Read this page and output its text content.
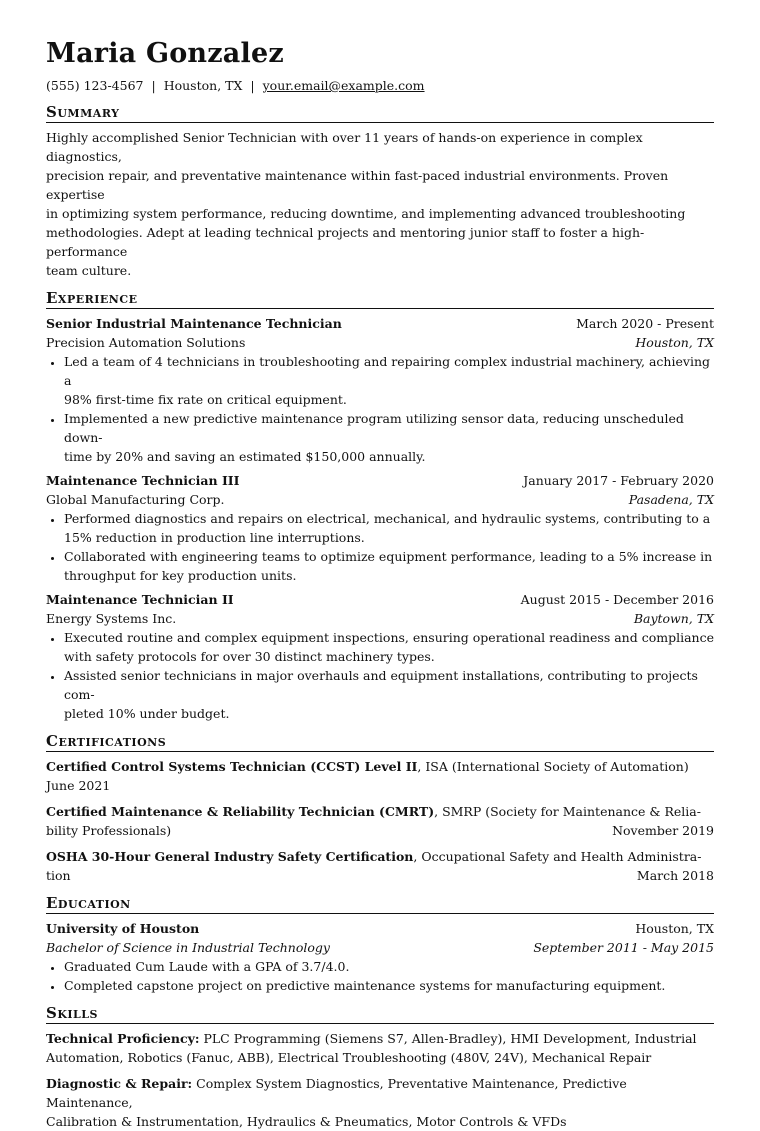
Maria Gonzalez
(555) 123-4567 | Houston, TX | your.email@example.com
Summary

Highly accomplished Senior Technician with over 11 years of hands-on experience in complex diagnostics,
precision repair, and preventative maintenance within fast-paced industrial environments. Proven expertise
in optimizing system performance, reducing downtime, and implementing advanced troubleshooting
methodologies. Adept at leading technical projects and mentoring junior staff to foster a high-performance
team culture.

Experience
Senior Industrial Maintenance Technician	March 2020 - Present
Precision Automation Solutions	Houston, TX
• Led a team of 4 technicians in troubleshooting and repairing complex industrial machinery, achieving a
98% first-time fix rate on critical equipment.
• Implemented a new predictive maintenance program utilizing sensor data, reducing unscheduled down-
time by 20% and saving an estimated $150,000 annually.
Maintenance Technician III	January 2017 - February 2020
Global Manufacturing Corp.	Pasadena, TX
• Performed diagnostics and repairs on electrical, mechanical, and hydraulic systems, contributing to a
15% reduction in production line interruptions.
• Collaborated with engineering teams to optimize equipment performance, leading to a 5% increase in
throughput for key production units.
Maintenance Technician II	August 2015 - December 2016
Energy Systems Inc.	Baytown, TX
• Executed routine and complex equipment inspections, ensuring operational readiness and compliance
with safety protocols for over 30 distinct machinery types.
• Assisted senior technicians in major overhauls and equipment installations, contributing to projects com-
pleted 10% under budget.
Certifications
Certified Control Systems Technician (CCST) Level II, ISA (International Society of Automation)
June 2021
Certified Maintenance & Reliability Technician (CMRT), SMRP (Society for Maintenance & Relia-
bility Professionals)	November 2019
OSHA 30-Hour General Industry Safety Certification, Occupational Safety and Health Administra-
tion	March 2018
Education
University of Houston	Houston, TX
Bachelor of Science in Industrial Technology	September 2011 - May 2015
• Graduated Cum Laude with a GPA of 3.7/4.0.
• Completed capstone project on predictive maintenance systems for manufacturing equipment.
Skills
Technical Proficiency: PLC Programming (Siemens S7, Allen-Bradley), HMI Development, Industrial
Automation, Robotics (Fanuc, ABB), Electrical Troubleshooting (480V, 24V), Mechanical Repair
Diagnostic & Repair: Complex System Diagnostics, Preventative Maintenance, Predictive Maintenance,
Calibration & Instrumentation, Hydraulics & Pneumatics, Motor Controls & VFDs
